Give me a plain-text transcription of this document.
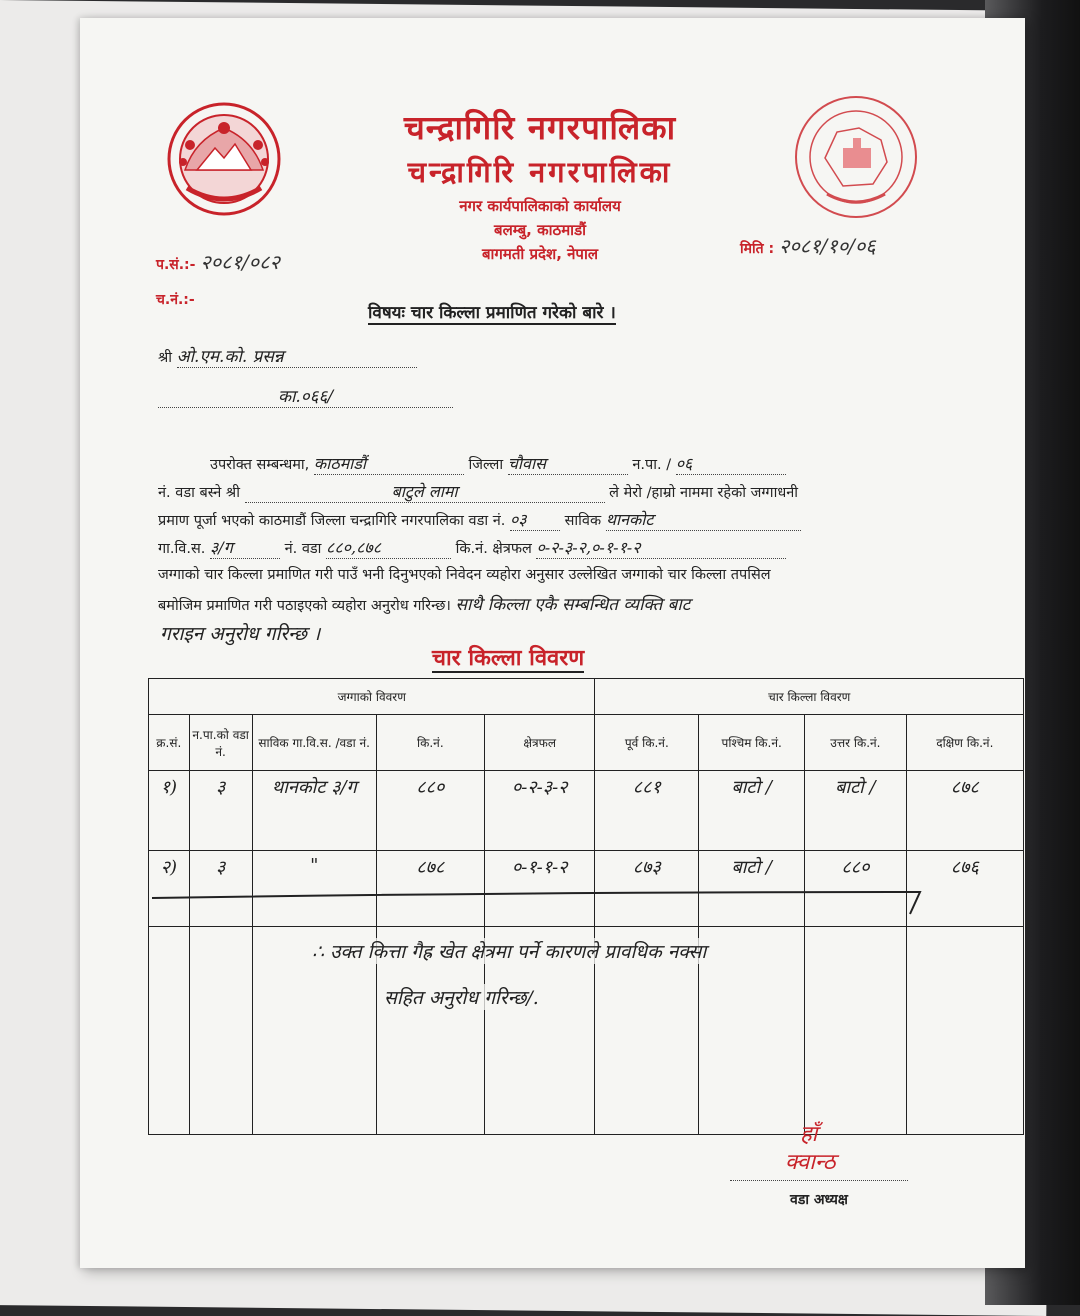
चन्द्रागिरि नगरपालिका
चन्द्रागिरि नगरपालिका
नगर कार्यपालिकाको कार्यालय
बलम्बु, काठमाडौं
बागमती प्रदेश, नेपाल
प.सं.:- २०८१/०८२
मिति : २०८१/१०/०६
च.नं.:-
विषयः चार किल्ला प्रमाणित गरेको बारे ।
श्री ओ.एम.को. प्रसन्न
का.०६६/
उपरोक्त सम्बन्धमा, काठमाडौं	जिल्ला चौवास	न.पा. / ०६
नं. वडा बस्ने श्री	बाटुले लामा	ले मेरो /हाम्रो नाममा रहेको जग्गाधनी
प्रमाण पूर्जा भएको काठमाडौं जिल्ला चन्द्रागिरि नगरपालिका वडा नं. ०३	साविक थानकोट
गा.वि.स. ३/ग	नं. वडा ८८०,८७८	कि.नं. क्षेत्रफल ०-२-३-२,०-१-१-२
जग्गाको चार किल्ला प्रमाणित गरी पाउँ भनी दिनुभएको निवेदन व्यहोरा अनुसार उल्लेखित जग्गाको चार किल्ला तपसिल
बमोजिम प्रमाणित गरी पठाइएको व्यहोरा अनुरोध गरिन्छ। साथै किल्ला एकै सम्बन्धित व्यक्ति बाट
गराइन अनुरोध गरिन्छ ।
चार किल्ला विवरण
जग्गाको विवरण					चार किल्ला विवरण			
क्र.सं.	न.पा.को वडा नं.	साविक गा.वि.स. /वडा नं.	कि.नं.	क्षेत्रफल	पूर्व कि.नं.	पश्चिम कि.नं.	उत्तर कि.नं.	दक्षिण कि.नं.
१)	३	थानकोट ३/ग	८८०	०-२-३-२	८८१	बाटो /	बाटो /	८७८
२)	३	"	८७८	०-१-१-२	८७३	बाटो /	८८०	८७६

∴ उक्त कित्ता गैह्र खेत क्षेत्रमा पर्ने कारणले प्रावधिक नक्सा
सहित अनुरोध गरिन्छ/.
हाँ
क्वान्ठ
वडा अध्यक्ष
